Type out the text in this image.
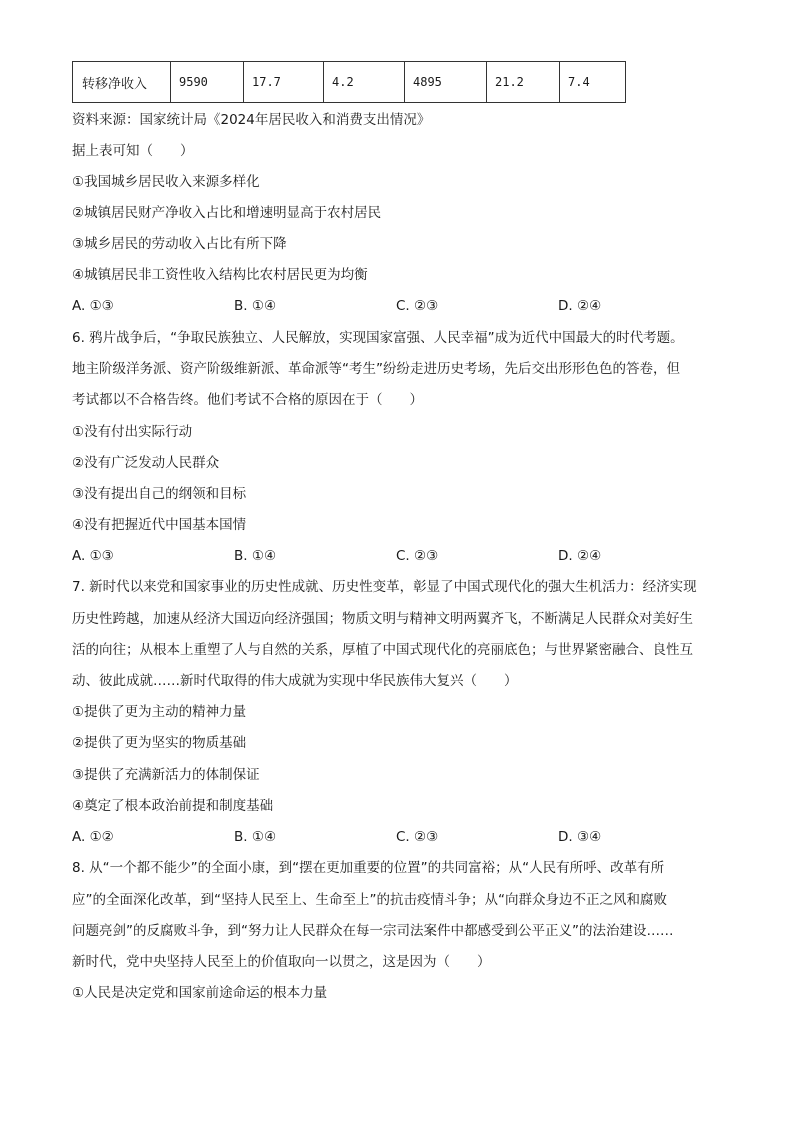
转移净收入	9590	17.7	4.2	4895	21.2	7.4
资料来源：国家统计局《2024年居民收入和消费支出情况》
据上表可知（　　）
①我国城乡居民收入来源多样化
②城镇居民财产净收入占比和增速明显高于农村居民
③城乡居民的劳动收入占比有所下降
④城镇居民非工资性收入结构比农村居民更为均衡
A. ①③	B. ①④	C. ②③	D. ②④
6. 鸦片战争后，“争取民族独立、人民解放，实现国家富强、人民幸福”成为近代中国最大的时代考题。
地主阶级洋务派、资产阶级维新派、革命派等“考生”纷纷走进历史考场，先后交出形形色色的答卷，但
考试都以不合格告终。他们考试不合格的原因在于（　　）
①没有付出实际行动
②没有广泛发动人民群众
③没有提出自己的纲领和目标
④没有把握近代中国基本国情
A. ①③	B. ①④	C. ②③	D. ②④
7. 新时代以来党和国家事业的历史性成就、历史性变革，彰显了中国式现代化的强大生机活力：经济实现
历史性跨越，加速从经济大国迈向经济强国；物质文明与精神文明两翼齐飞，不断满足人民群众对美好生
活的向往；从根本上重塑了人与自然的关系，厚植了中国式现代化的亮丽底色；与世界紧密融合、良性互
动、彼此成就……新时代取得的伟大成就为实现中华民族伟大复兴（　　）
①提供了更为主动的精神力量
②提供了更为坚实的物质基础
③提供了充满新活力的体制保证
④奠定了根本政治前提和制度基础
A. ①②	B. ①④	C. ②③	D. ③④
8. 从“一个都不能少”的全面小康，到“摆在更加重要的位置”的共同富裕；从“人民有所呼、改革有所
应”的全面深化改革，到“坚持人民至上、生命至上”的抗击疫情斗争；从“向群众身边不正之风和腐败
问题亮剑”的反腐败斗争，到“努力让人民群众在每一宗司法案件中都感受到公平正义”的法治建设……
新时代，党中央坚持人民至上的价值取向一以贯之，这是因为（　　）
①人民是决定党和国家前途命运的根本力量
